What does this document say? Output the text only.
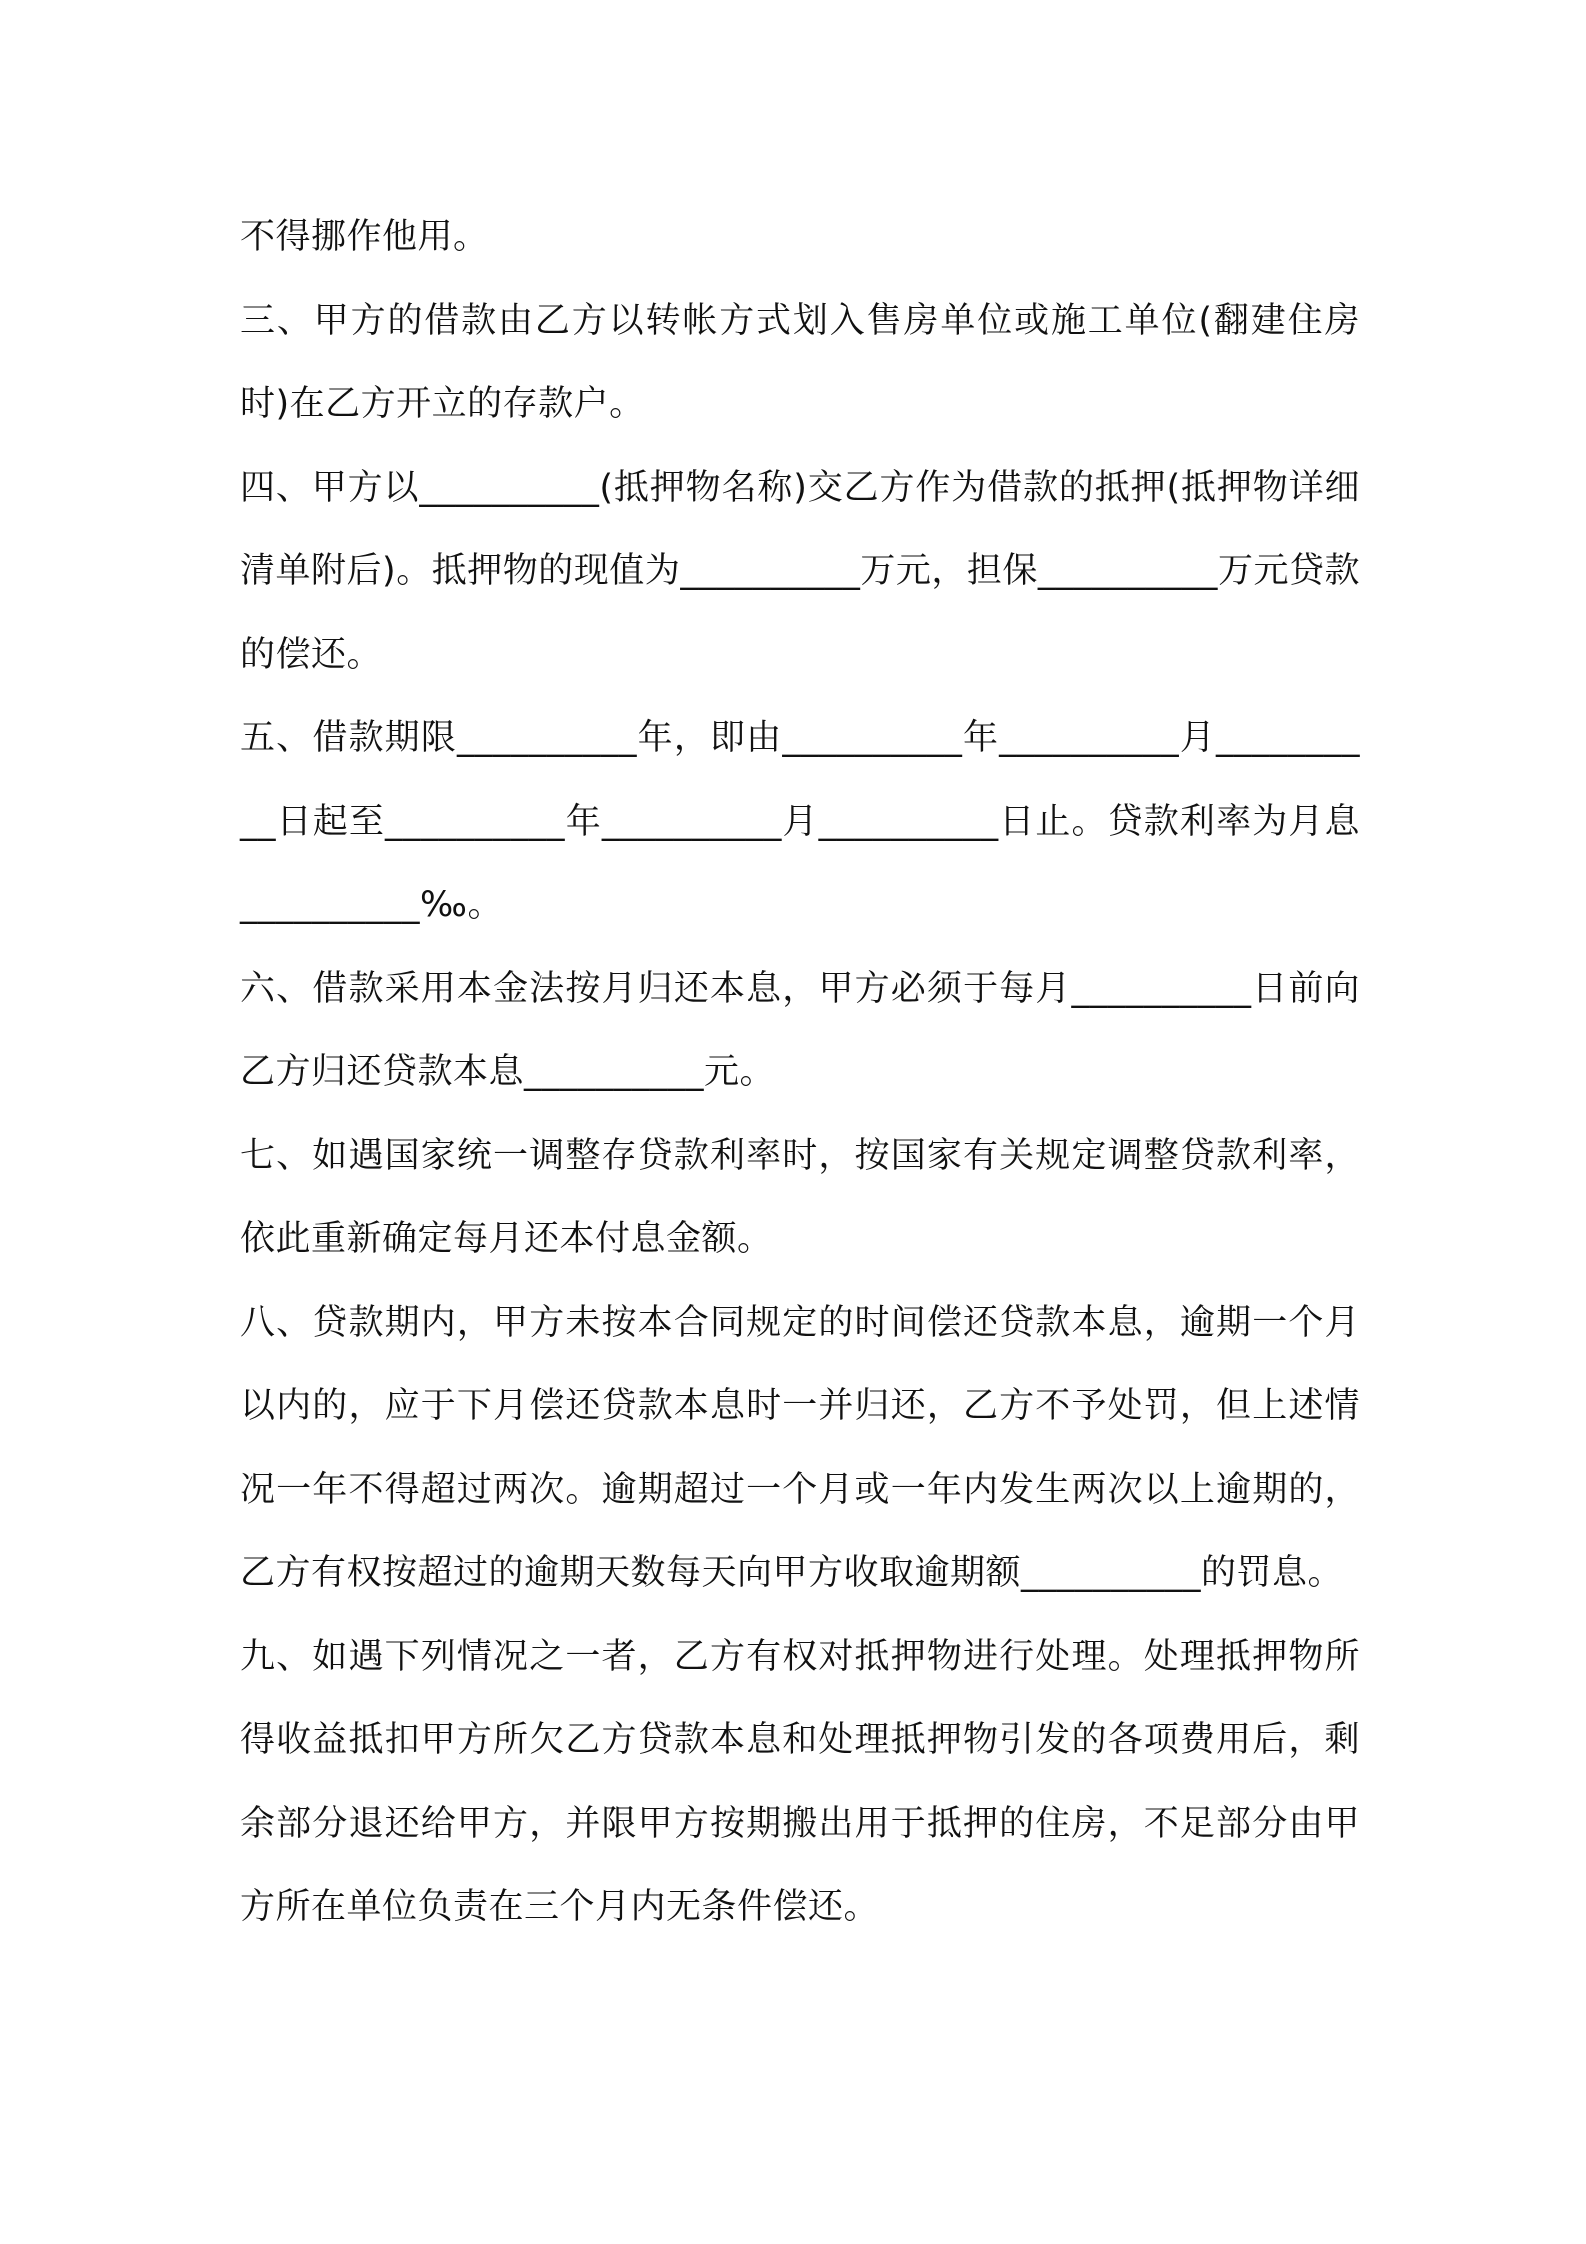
不得挪作他用。

三、甲方的借款由乙方以转帐方式划入售房单位或施工单位(翻建住房时)在乙方开立的存款户。

四、甲方以__________(抵押物名称)交乙方作为借款的抵押(抵押物详细清单附后)。抵押物的现值为__________万元，担保__________万元贷款的偿还。

五、借款期限__________年，即由__________年__________月__________日起至__________年__________月__________日止。贷款利率为月息__________‰。

六、借款采用本金法按月归还本息，甲方必须于每月__________日前向乙方归还贷款本息__________元。

七、如遇国家统一调整存贷款利率时，按国家有关规定调整贷款利率，依此重新确定每月还本付息金额。

八、贷款期内，甲方未按本合同规定的时间偿还贷款本息，逾期一个月以内的，应于下月偿还贷款本息时一并归还，乙方不予处罚，但上述情况一年不得超过两次。逾期超过一个月或一年内发生两次以上逾期的，乙方有权按超过的逾期天数每天向甲方收取逾期额__________的罚息。

九、如遇下列情况之一者，乙方有权对抵押物进行处理。处理抵押物所得收益抵扣甲方所欠乙方贷款本息和处理抵押物引发的各项费用后，剩余部分退还给甲方，并限甲方按期搬出用于抵押的住房，不足部分由甲方所在单位负责在三个月内无条件偿还。
